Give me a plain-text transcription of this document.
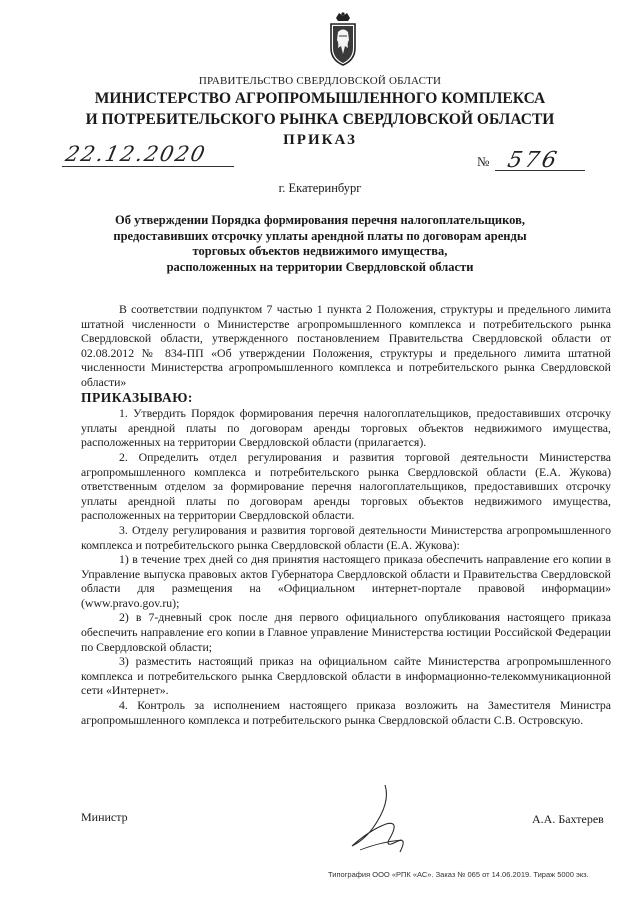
ПРАВИТЕЛЬСТВО СВЕРДЛОВСКОЙ ОБЛАСТИ
МИНИСТЕРСТВО АГРОПРОМЫШЛЕННОГО КОМПЛЕКСА
И ПОТРЕБИТЕЛЬСКОГО РЫНКА СВЕРДЛОВСКОЙ ОБЛАСТИ
ПРИКАЗ
22.12.2020	№ 576
г. Екатеринбург
Об утверждении Порядка формирования перечня налогоплательщиков,
предоставивших отсрочку уплаты арендной платы по договорам аренды
торговых объектов недвижимого имущества,
расположенных на территории Свердловской области

В соответствии подпунктом 7 частью 1 пункта 2 Положения, структуры и предельного лимита штатной численности о Министерстве агропромышленного комплекса и потребительского рынка Свердловской области, утвержденного постановлением Правительства Свердловской области от 02.08.2012 № 834-ПП «Об утверждении Положения, структуры и предельного лимита штатной численности Министерства агропромышленного комплекса и потребительского рынка Свердловской области»

ПРИКАЗЫВАЮ:

1. Утвердить Порядок формирования перечня налогоплательщиков, предоставивших отсрочку уплаты арендной платы по договорам аренды торговых объектов недвижимого имущества, расположенных на территории Свердловской области (прилагается).

2. Определить отдел регулирования и развития торговой деятельности Министерства агропромышленного комплекса и потребительского рынка Свердловской области (Е.А. Жукова) ответственным отделом за формирование перечня налогоплательщиков, предоставивших отсрочку уплаты арендной платы по договорам аренды торговых объектов недвижимого имущества, расположенных на территории Свердловской области.

3. Отделу регулирования и развития торговой деятельности Министерства агропромышленного комплекса и потребительского рынка Свердловской области (Е.А. Жукова):

1) в течение трех дней со дня принятия настоящего приказа обеспечить направление его копии в Управление выпуска правовых актов Губернатора Свердловской области и Правительства Свердловской области для размещения на «Официальном интернет-портале правовой информации» (www.pravo.gov.ru);

2) в 7-дневный срок после дня первого официального опубликования настоящего приказа обеспечить направление его копии в Главное управление Министерства юстиции Российской Федерации по Свердловской области;

3) разместить настоящий приказ на официальном сайте Министерства агропромышленного комплекса и потребительского рынка Свердловской области в информационно-телекоммуникационной сети «Интернет».

4. Контроль за исполнением настоящего приказа возложить на Заместителя Министра агропромышленного комплекса и потребительского рынка Свердловской области С.В. Островскую.

Министр	А.А. Бахтерев
Типография ООО «РПК «АС». Заказ № 065 от 14.06.2019. Тираж 5000 экз.
